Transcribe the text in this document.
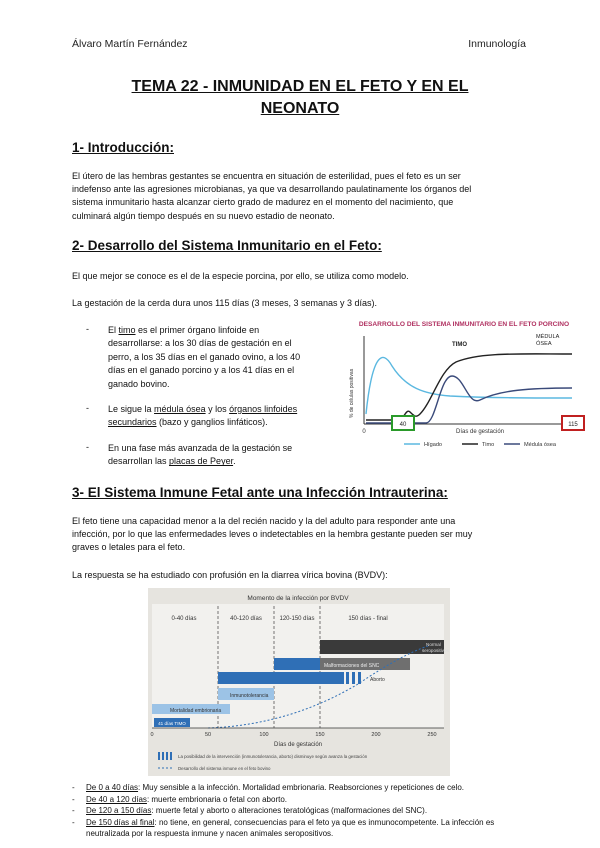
Álvaro Martín Fernández	Inmunología
TEMA 22 - INMUNIDAD EN EL FETO Y EN EL
NEONATO
1- Introducción:
El útero de las hembras gestantes se encuentra en situación de esterilidad, pues el feto es un ser
indefenso ante las agresiones microbianas, ya que va desarrollando paulatinamente los órganos del
sistema inmunitario hasta alcanzar cierto grado de madurez en el momento del nacimiento, que
culminará algún tiempo después en su nuevo estadio de neonato.
2- Desarrollo del Sistema Inmunitario en el Feto:
El que mejor se conoce es el de la especie porcina, por ello, se utiliza como modelo.
La gestación de la cerda dura unos 115 días (3 meses, 3 semanas y 3 días).
- El timo es el primer órgano linfoide en
desarrollarse: a los 30 días de gestación en el
perro, a los 35 días en el ganado ovino, a los 40
días en el ganado porcino y a los 41 días en el
ganado bovino.
- Le sigue la médula ósea y los órganos linfoides
secundarios (bazo y ganglios linfáticos).
- En una fase más avanzada de la gestación se
desarrollan las placas de Peyer.
DESARROLLO DEL SISTEMA INMUNITARIO EN EL FETO PORCINO
% de células positivas
TIMO
MÉDULA
ÓSEA
0
40	115
Días de gestación
Hígado	Timo	Médula ósea
3- El Sistema Inmune Fetal ante una Infección Intrauterina:
El feto tiene una capacidad menor a la del recién nacido y la del adulto para responder ante una
infección, por lo que las enfermedades leves o indetectables en la hembra gestante pueden ser muy
graves o letales para el feto.
La respuesta se ha estudiado con profusión en la diarrea vírica bovina (BVDV):
Momento de la infección por BVDV
0-40 días	40-120 días	120-150 días	150 días - final
Normal
seropositivos
Malformaciones del SNC
Aborto
Inmunotolerancia
Mortalidad embrionaria
41 días TIMO
0	50	100	150	200	250
Días de gestación
La posibilidad de la intervención (inmunotolerancia, aborto) disminuye según avanza la gestación
Desarrollo del sistema inmune en el feto bovino
-	De 0 a 40 días: Muy sensible a la infección. Mortalidad embrionaria. Reabsorciones y repeticiones de celo.
-	De 40 a 120 días: muerte embrionaria o fetal con aborto.
-	De 120 a 150 días: muerte fetal y aborto o alteraciones teratológicas (malformaciones del SNC).
-	De 150 días al final: no tiene, en general, consecuencias para el feto ya que es inmunocompetente. La infección es
neutralizada por la respuesta inmune y nacen animales seropositivos.
